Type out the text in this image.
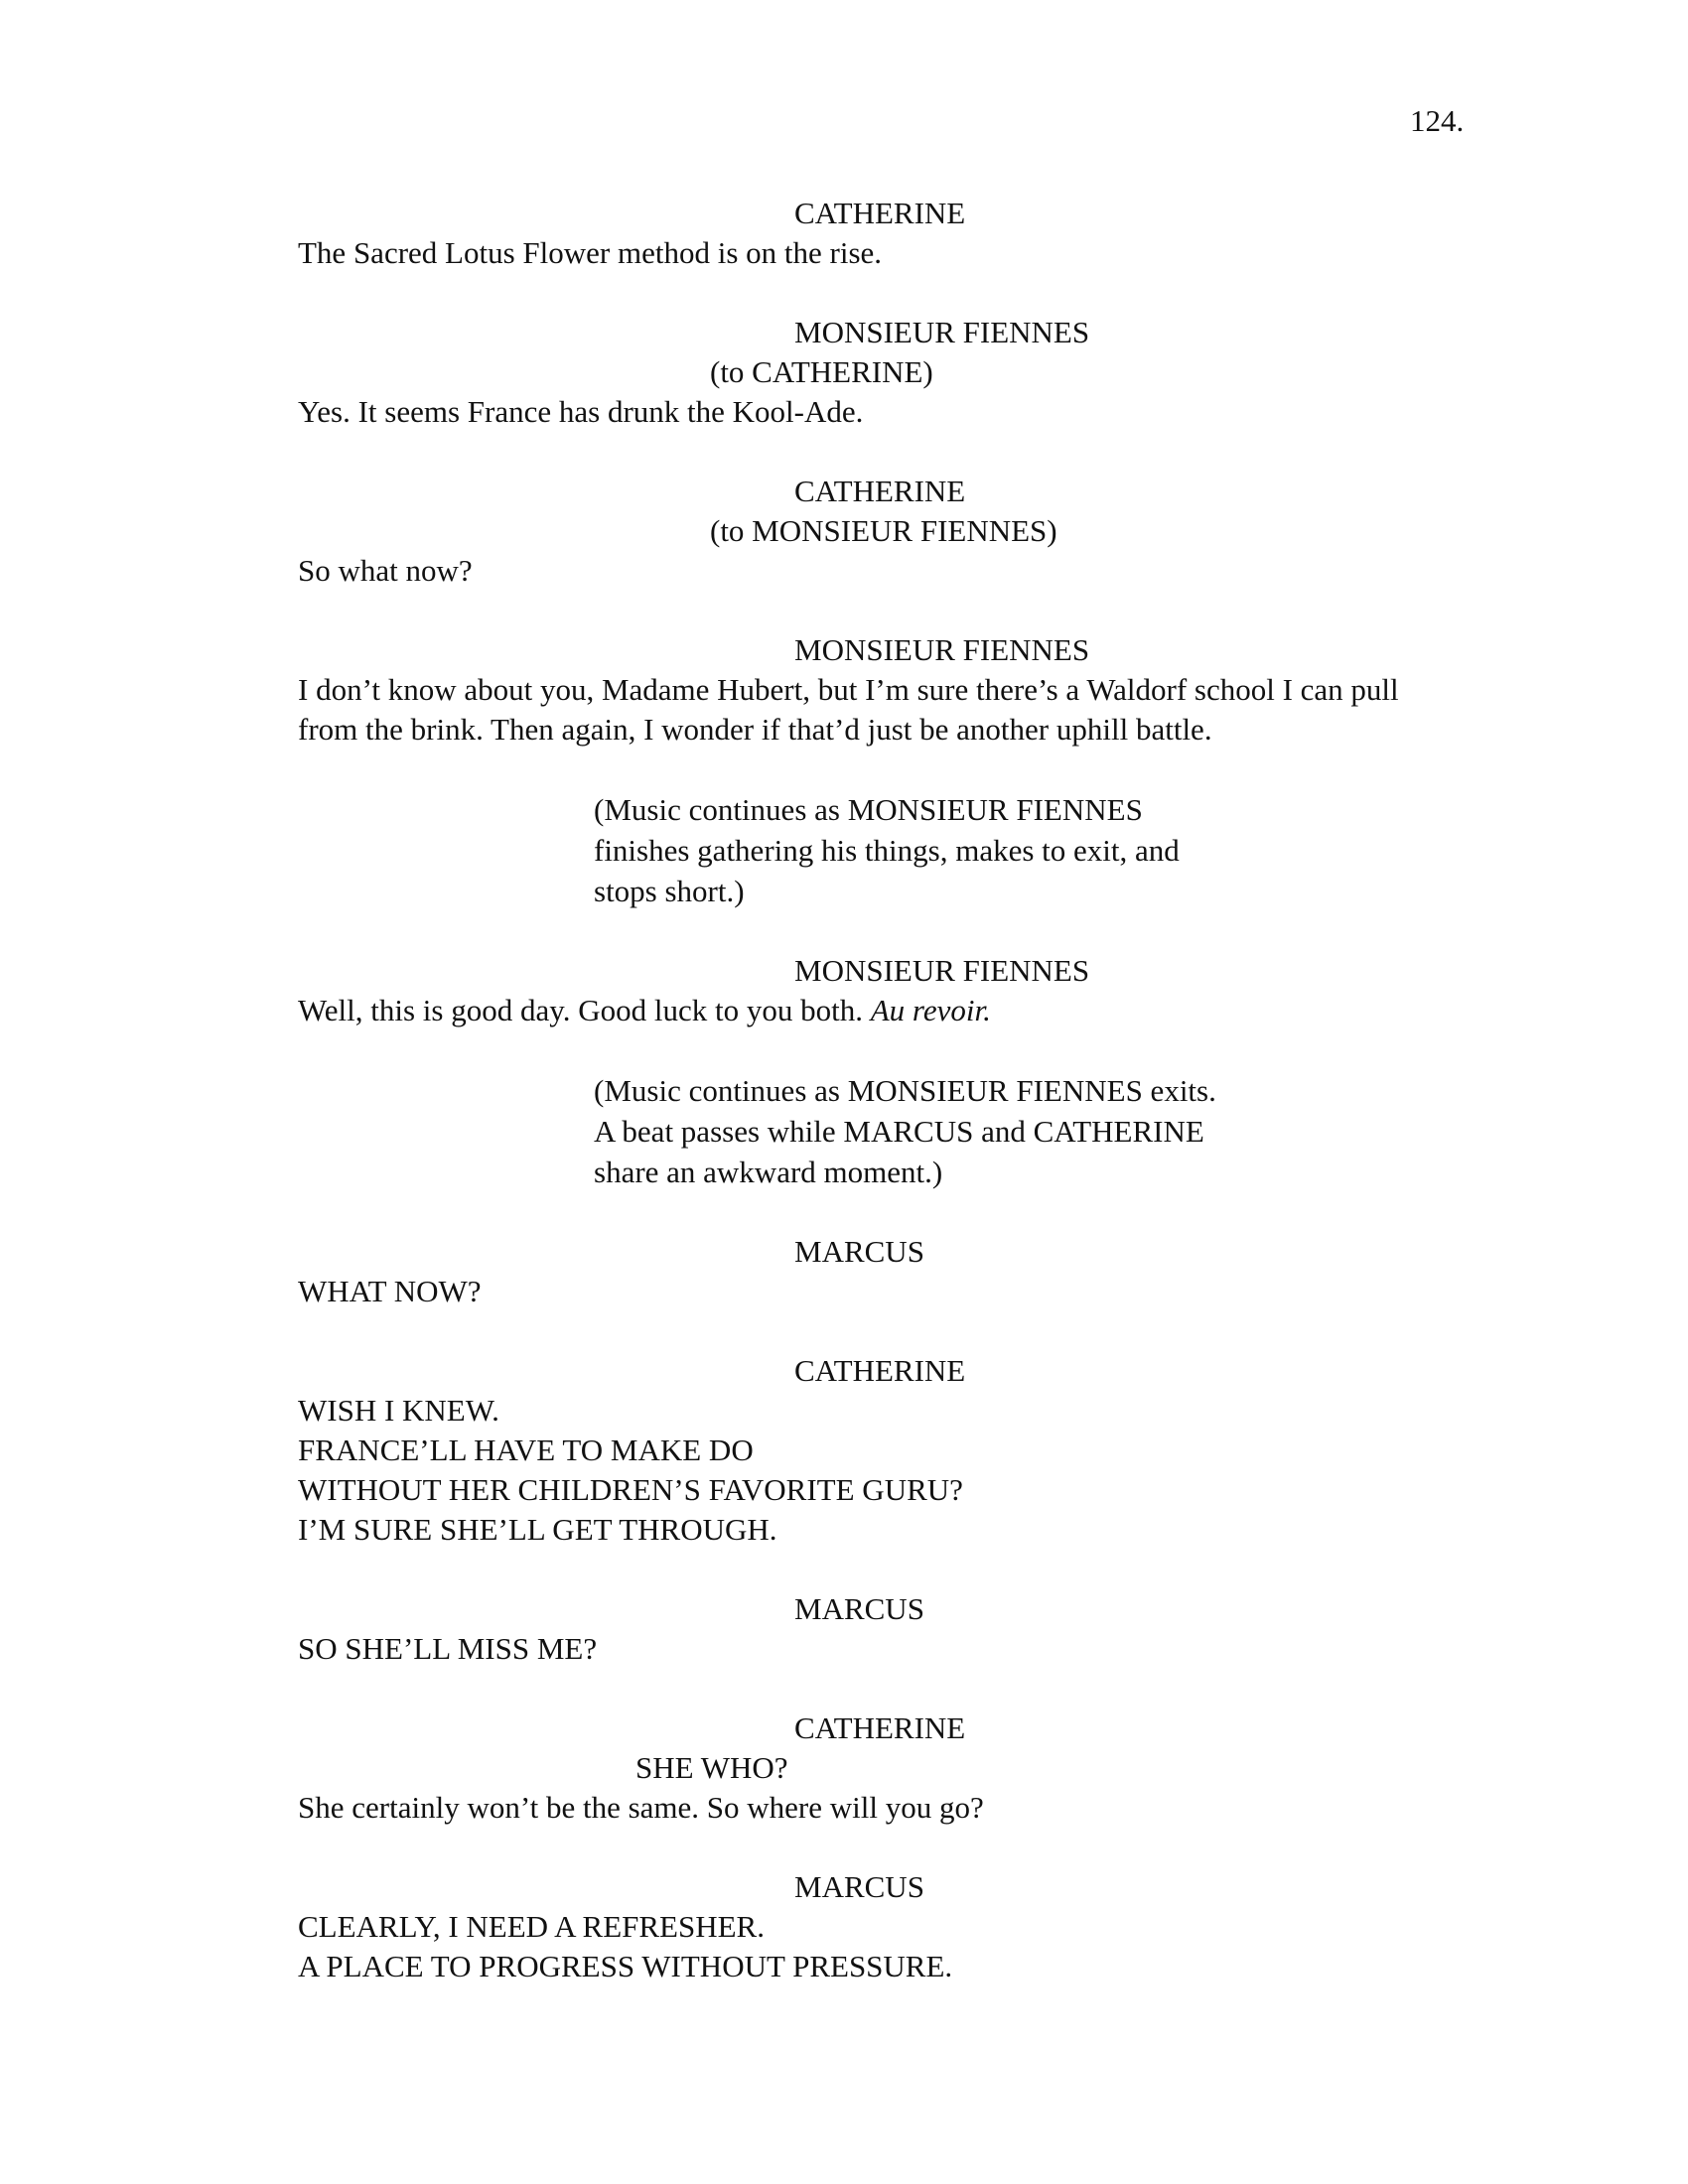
124.

CATHERINE

The Sacred Lotus Flower method is on the rise.

MONSIEUR FIENNES

(to CATHERINE)

Yes. It seems France has drunk the Kool-Ade.

CATHERINE

(to MONSIEUR FIENNES)

So what now?

MONSIEUR FIENNES

I don’t know about you, Madame Hubert, but I’m sure there’s a Waldorf school I can pull

from the brink. Then again, I wonder if that’d just be another uphill battle.

(Music continues as MONSIEUR FIENNES

finishes gathering his things, makes to exit, and

stops short.)

MONSIEUR FIENNES

Well, this is good day. Good luck to you both. Au revoir.

(Music continues as MONSIEUR FIENNES exits.

A beat passes while MARCUS and CATHERINE

share an awkward moment.)

MARCUS

WHAT NOW?

CATHERINE

WISH I KNEW.

FRANCE’LL HAVE TO MAKE DO

WITHOUT HER CHILDREN’S FAVORITE GURU?

I’M SURE SHE’LL GET THROUGH.

MARCUS

SO SHE’LL MISS ME?

CATHERINE

SHE WHO?

She certainly won’t be the same. So where will you go?

MARCUS

CLEARLY, I NEED A REFRESHER.

A PLACE TO PROGRESS WITHOUT PRESSURE.
